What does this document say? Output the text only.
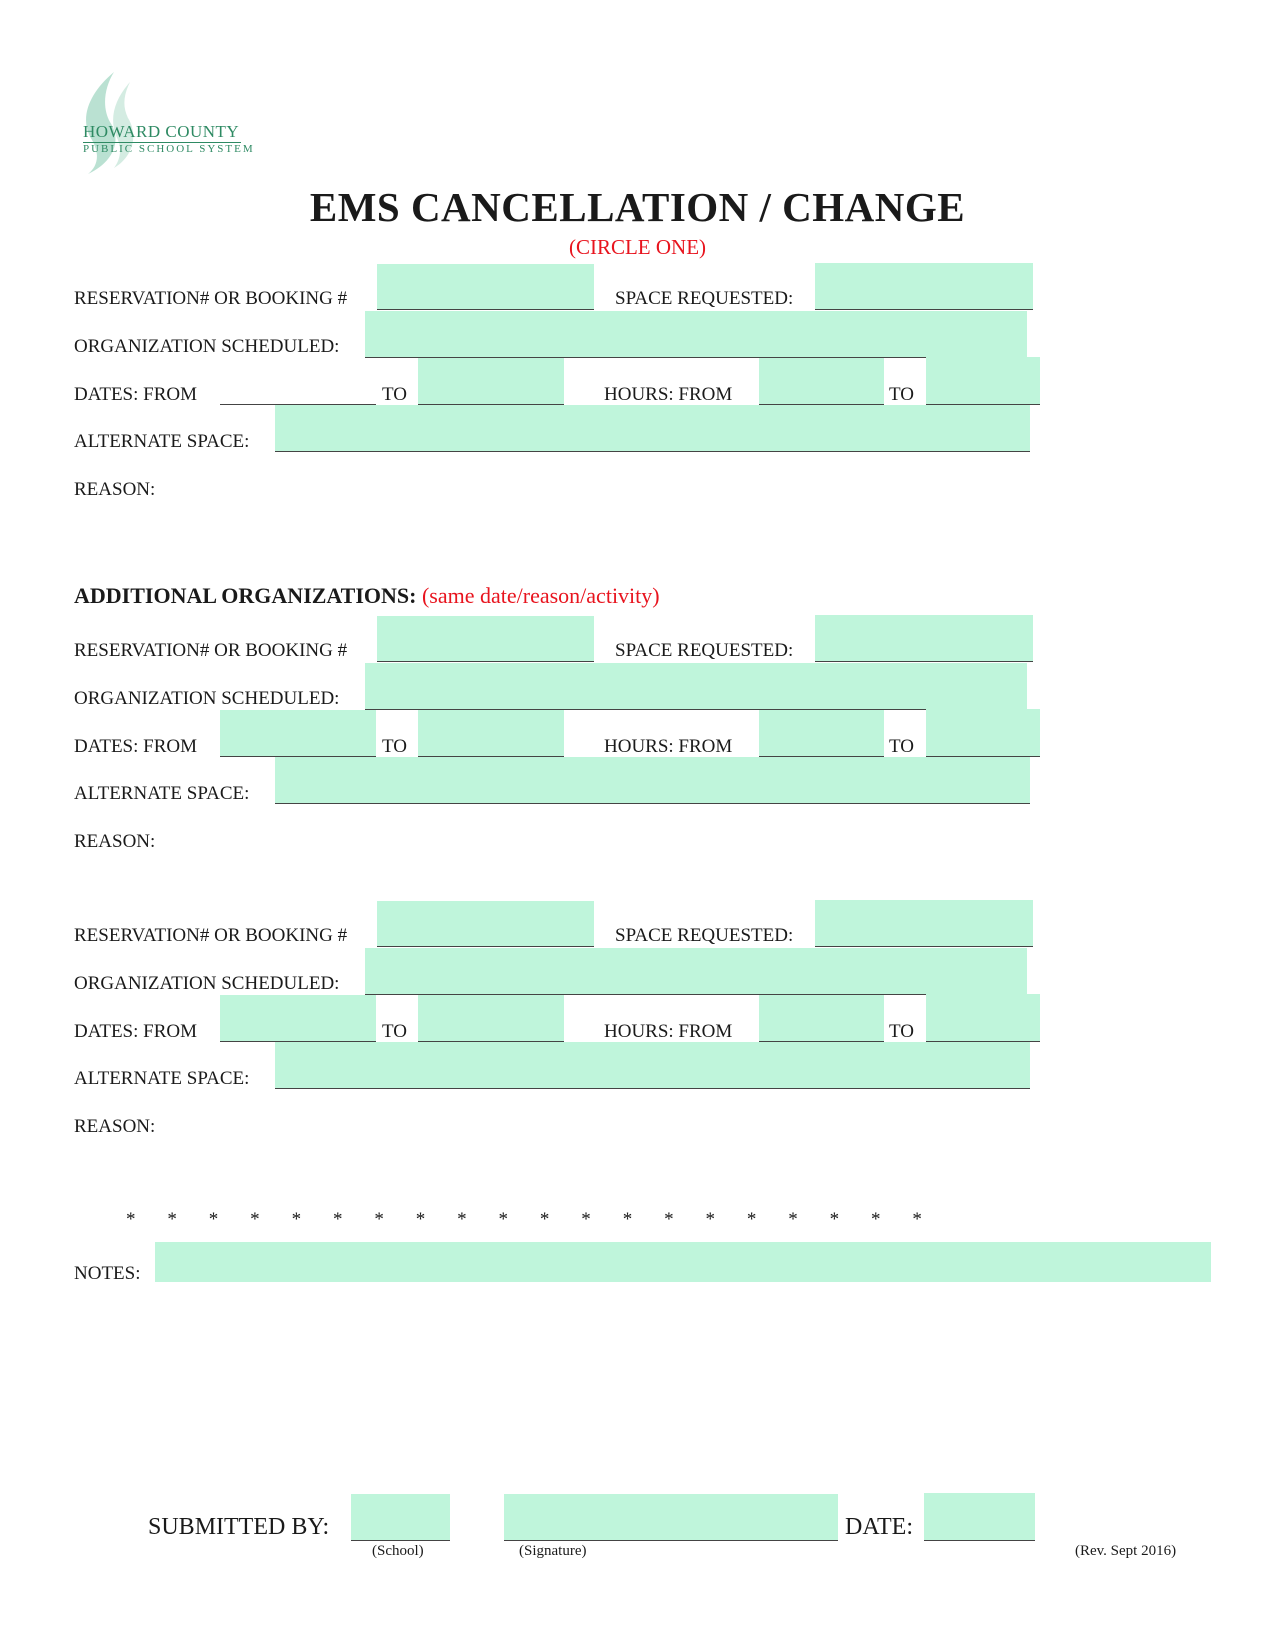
HOWARD COUNTY
PUBLIC SCHOOL SYSTEM
EMS CANCELLATION / CHANGE
(CIRCLE ONE)
RESERVATION# OR BOOKING #	SPACE REQUESTED:
ORGANIZATION SCHEDULED:
DATES: FROM	TO	HOURS: FROM	TO
ALTERNATE SPACE:
REASON:
ADDITIONAL ORGANIZATIONS: (same date/reason/activity)
RESERVATION# OR BOOKING #	SPACE REQUESTED:
ORGANIZATION SCHEDULED:
DATES: FROM	TO	HOURS: FROM	TO
ALTERNATE SPACE:
REASON:
RESERVATION# OR BOOKING #	SPACE REQUESTED:
ORGANIZATION SCHEDULED:
DATES: FROM	TO	HOURS: FROM	TO
ALTERNATE SPACE:
REASON:
* * * * * * * * * * * * * * * * * * * *
NOTES:
SUBMITTED BY:	DATE:
(School)	(Signature)	(Rev. Sept 2016)
